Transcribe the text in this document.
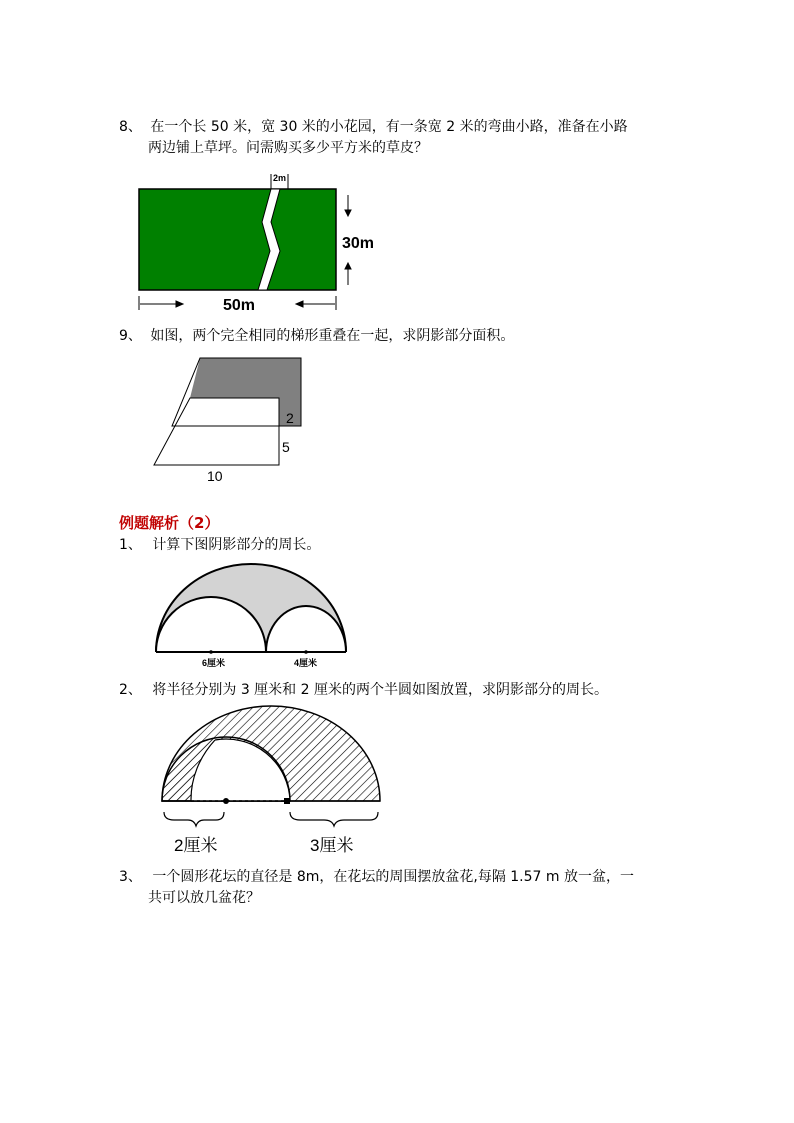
8、 在一个长 50 米，宽 30 米的小花园，有一条宽 2 米的弯曲小路，准备在小路
两边铺上草坪。问需购买多少平方米的草皮？
2m
30m
50m
9、 如图，两个完全相同的梯形重叠在一起，求阴影部分面积。
2
5
10
例题解析（2）
1、 计算下图阴影部分的周长。
6厘米	4厘米
2、 将半径分别为 3 厘米和 2 厘米的两个半圆如图放置，求阴影部分的周长。
2厘米	3厘米
3、 一个圆形花坛的直径是 8m，在花坛的周围摆放盆花,每隔 1.57 m 放一盆，一
共可以放几盆花？
